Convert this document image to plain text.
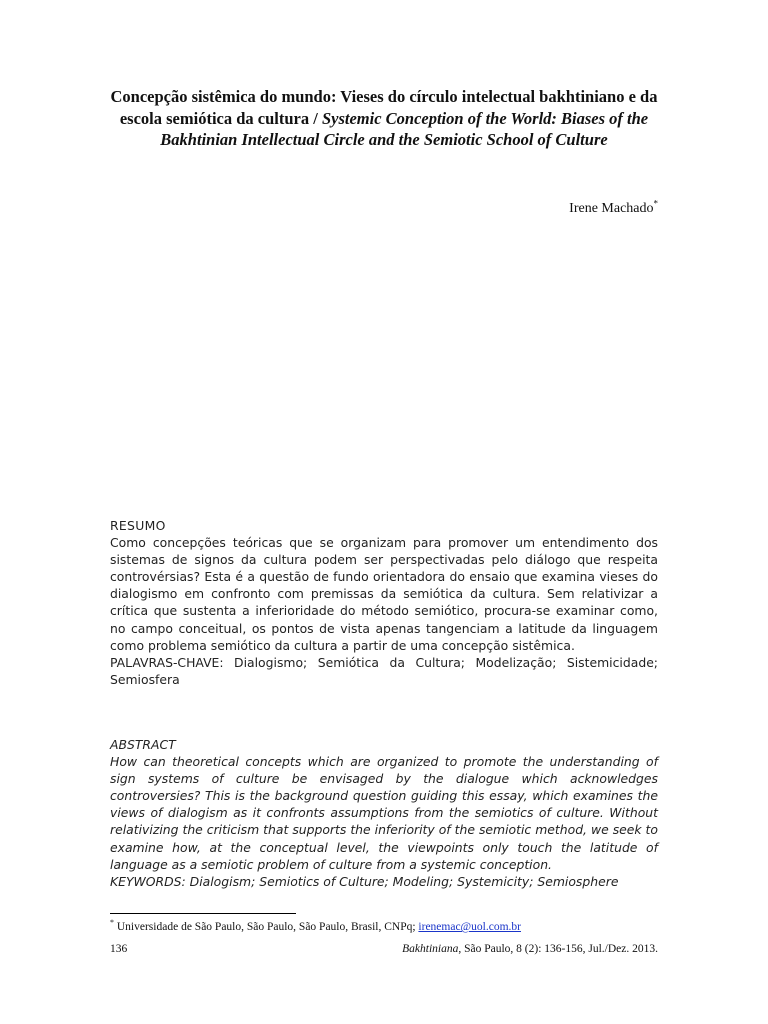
Concepção sistêmica do mundo: Vieses do círculo intelectual bakhtiniano e da escola semiótica da cultura / Systemic Conception of the World: Biases of the Bakhtinian Intellectual Circle and the Semiotic School of Culture
Irene Machado*
RESUMO
Como concepções teóricas que se organizam para promover um entendimento dos sistemas de signos da cultura podem ser perspectivadas pelo diálogo que respeita controvérsias? Esta é a questão de fundo orientadora do ensaio que examina vieses do dialogismo em confronto com premissas da semiótica da cultura. Sem relativizar a crítica que sustenta a inferioridade do método semiótico, procura-se examinar como, no campo conceitual, os pontos de vista apenas tangenciam a latitude da linguagem como problema semiótico da cultura a partir de uma concepção sistêmica.
PALAVRAS-CHAVE: Dialogismo; Semiótica da Cultura; Modelização; Sistemicidade; Semiosfera
ABSTRACT
How can theoretical concepts which are organized to promote the understanding of sign systems of culture be envisaged by the dialogue which acknowledges controversies? This is the background question guiding this essay, which examines the views of dialogism as it confronts assumptions from the semiotics of culture. Without relativizing the criticism that supports the inferiority of the semiotic method, we seek to examine how, at the conceptual level, the viewpoints only touch the latitude of language as a semiotic problem of culture from a systemic conception.
KEYWORDS: Dialogism; Semiotics of Culture; Modeling; Systemicity; Semiosphere
* Universidade de São Paulo, São Paulo, São Paulo, Brasil, CNPq; irenemac@uol.com.br
136	Bakhtiniana, São Paulo, 8 (2): 136-156, Jul./Dez. 2013.
